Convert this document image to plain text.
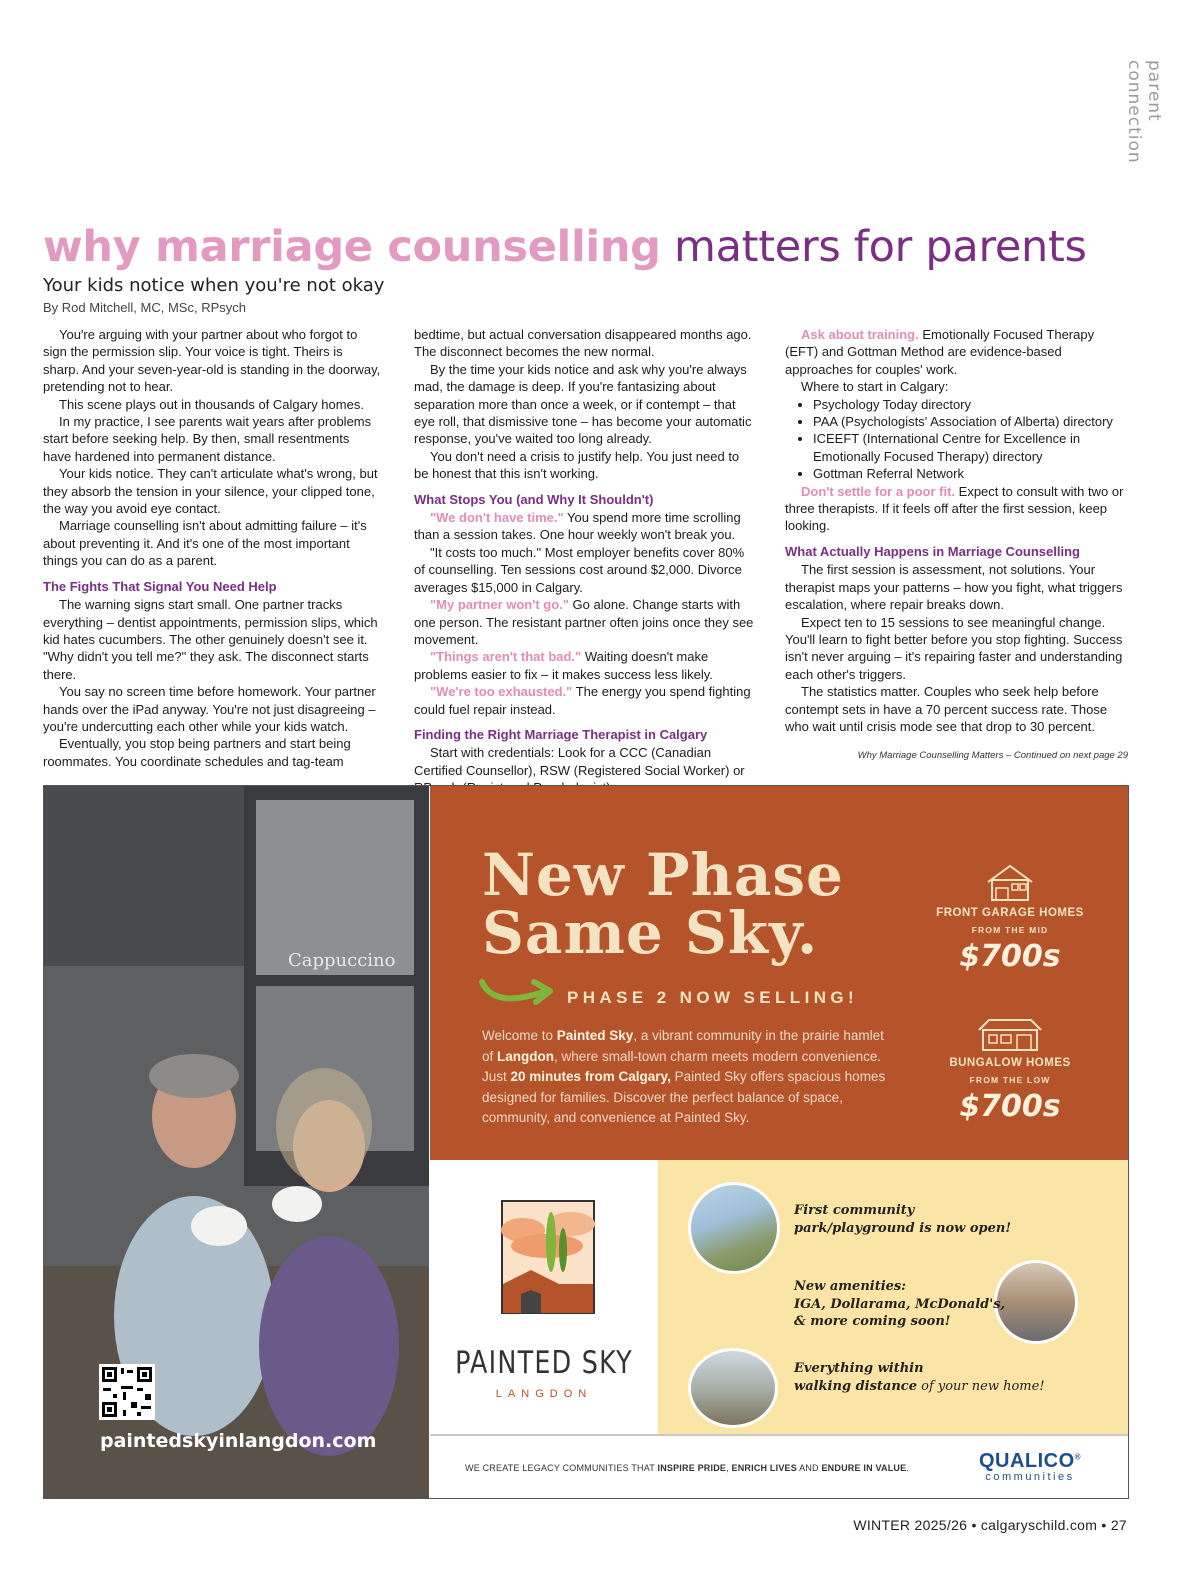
parent connection
why marriage counselling matters for parents
Your kids notice when you're not okay
By Rod Mitchell, MC, MSc, RPsych

You're arguing with your partner about who forgot to sign the permission slip. Your voice is tight. Theirs is sharp. And your seven-year-old is standing in the doorway, pretending not to hear.

This scene plays out in thousands of Calgary homes.

In my practice, I see parents wait years after problems start before seeking help. By then, small resentments have hardened into permanent distance.

Your kids notice. They can't articulate what's wrong, but they absorb the tension in your silence, your clipped tone, the way you avoid eye contact.

Marriage counselling isn't about admitting failure – it's about preventing it. And it's one of the most important things you can do as a parent.

The Fights That Signal You Need Help

The warning signs start small. One partner tracks everything – dentist appointments, permission slips, which kid hates cucumbers. The other genuinely doesn't see it. "Why didn't you tell me?" they ask. The disconnect starts there.

You say no screen time before homework. Your partner hands over the iPad anyway. You're not just disagreeing – you're undercutting each other while your kids watch.

Eventually, you stop being partners and start being roommates. You coordinate schedules and tag-team

bedtime, but actual conversation disappeared months ago. The disconnect becomes the new normal.

By the time your kids notice and ask why you're always mad, the damage is deep. If you're fantasizing about separation more than once a week, or if contempt – that eye roll, that dismissive tone – has become your automatic response, you've waited too long already.

You don't need a crisis to justify help. You just need to be honest that this isn't working.

What Stops You (and Why It Shouldn't)

"We don't have time." You spend more time scrolling than a session takes. One hour weekly won't break you.

"It costs too much." Most employer benefits cover 80% of counselling. Ten sessions cost around $2,000. Divorce averages $15,000 in Calgary.

"My partner won't go." Go alone. Change starts with one person. The resistant partner often joins once they see movement.

"Things aren't that bad." Waiting doesn't make problems easier to fix – it makes success less likely.

"We're too exhausted." The energy you spend fighting could fuel repair instead.

Finding the Right Marriage Therapist in Calgary

Start with credentials: Look for a CCC (Canadian Certified Counsellor), RSW (Registered Social Worker) or

Ask about training. Emotionally Focused Therapy (EFT) and Gottman Method are evidence-based approaches for couples' work.

Where to start in Calgary:

• Psychology Today directory
• PAA (Psychologists' Association of Alberta) directory
• ICEEFT (International Centre for Excellence in Emotionally Focused Therapy) directory
• Gottman Referral Network

Don't settle for a poor fit. Expect to consult with two or three therapists. If it feels off after the first session, keep looking.

What Actually Happens in Marriage Counselling

The first session is assessment, not solutions. Your therapist maps your patterns – how you fight, what triggers escalation, where repair breaks down.

Expect ten to 15 sessions to see meaningful change. You'll learn to fight better before you stop fighting. Success isn't never arguing – it's repairing faster and understanding each other's triggers.

The statistics matter. Couples who seek help before contempt sets in have a 70 percent success rate. Those who wait until crisis mode see that drop to 30 percent.

Why Marriage Counselling Matters – Continued on next page 29
Cappuccino
paintedskyinlangdon.com
New Phase
Same Sky.
PHASE 2 NOW SELLING!
Welcome to Painted Sky, a vibrant community in the prairie hamlet of Langdon, where small-town charm meets modern convenience. Just 20 minutes from Calgary, Painted Sky offers spacious homes designed for families. Discover the perfect balance of space, community, and convenience at Painted Sky.
FRONT GARAGE HOMES
FROM THE MID
$700s
BUNGALOW HOMES
FROM THE LOW
$700s
PAINTED SKY
LANGDON
First community
park/playground is now open!
New amenities:
IGA, Dollarama, McDonald's,
& more coming soon!
Everything within
walking distance of your new home!
WE CREATE LEGACY COMMUNITIES THAT INSPIRE PRIDE, ENRICH LIVES AND ENDURE IN VALUE.	QUALICO®
communities
WINTER 2025/26 • calgaryschild.com • 27
